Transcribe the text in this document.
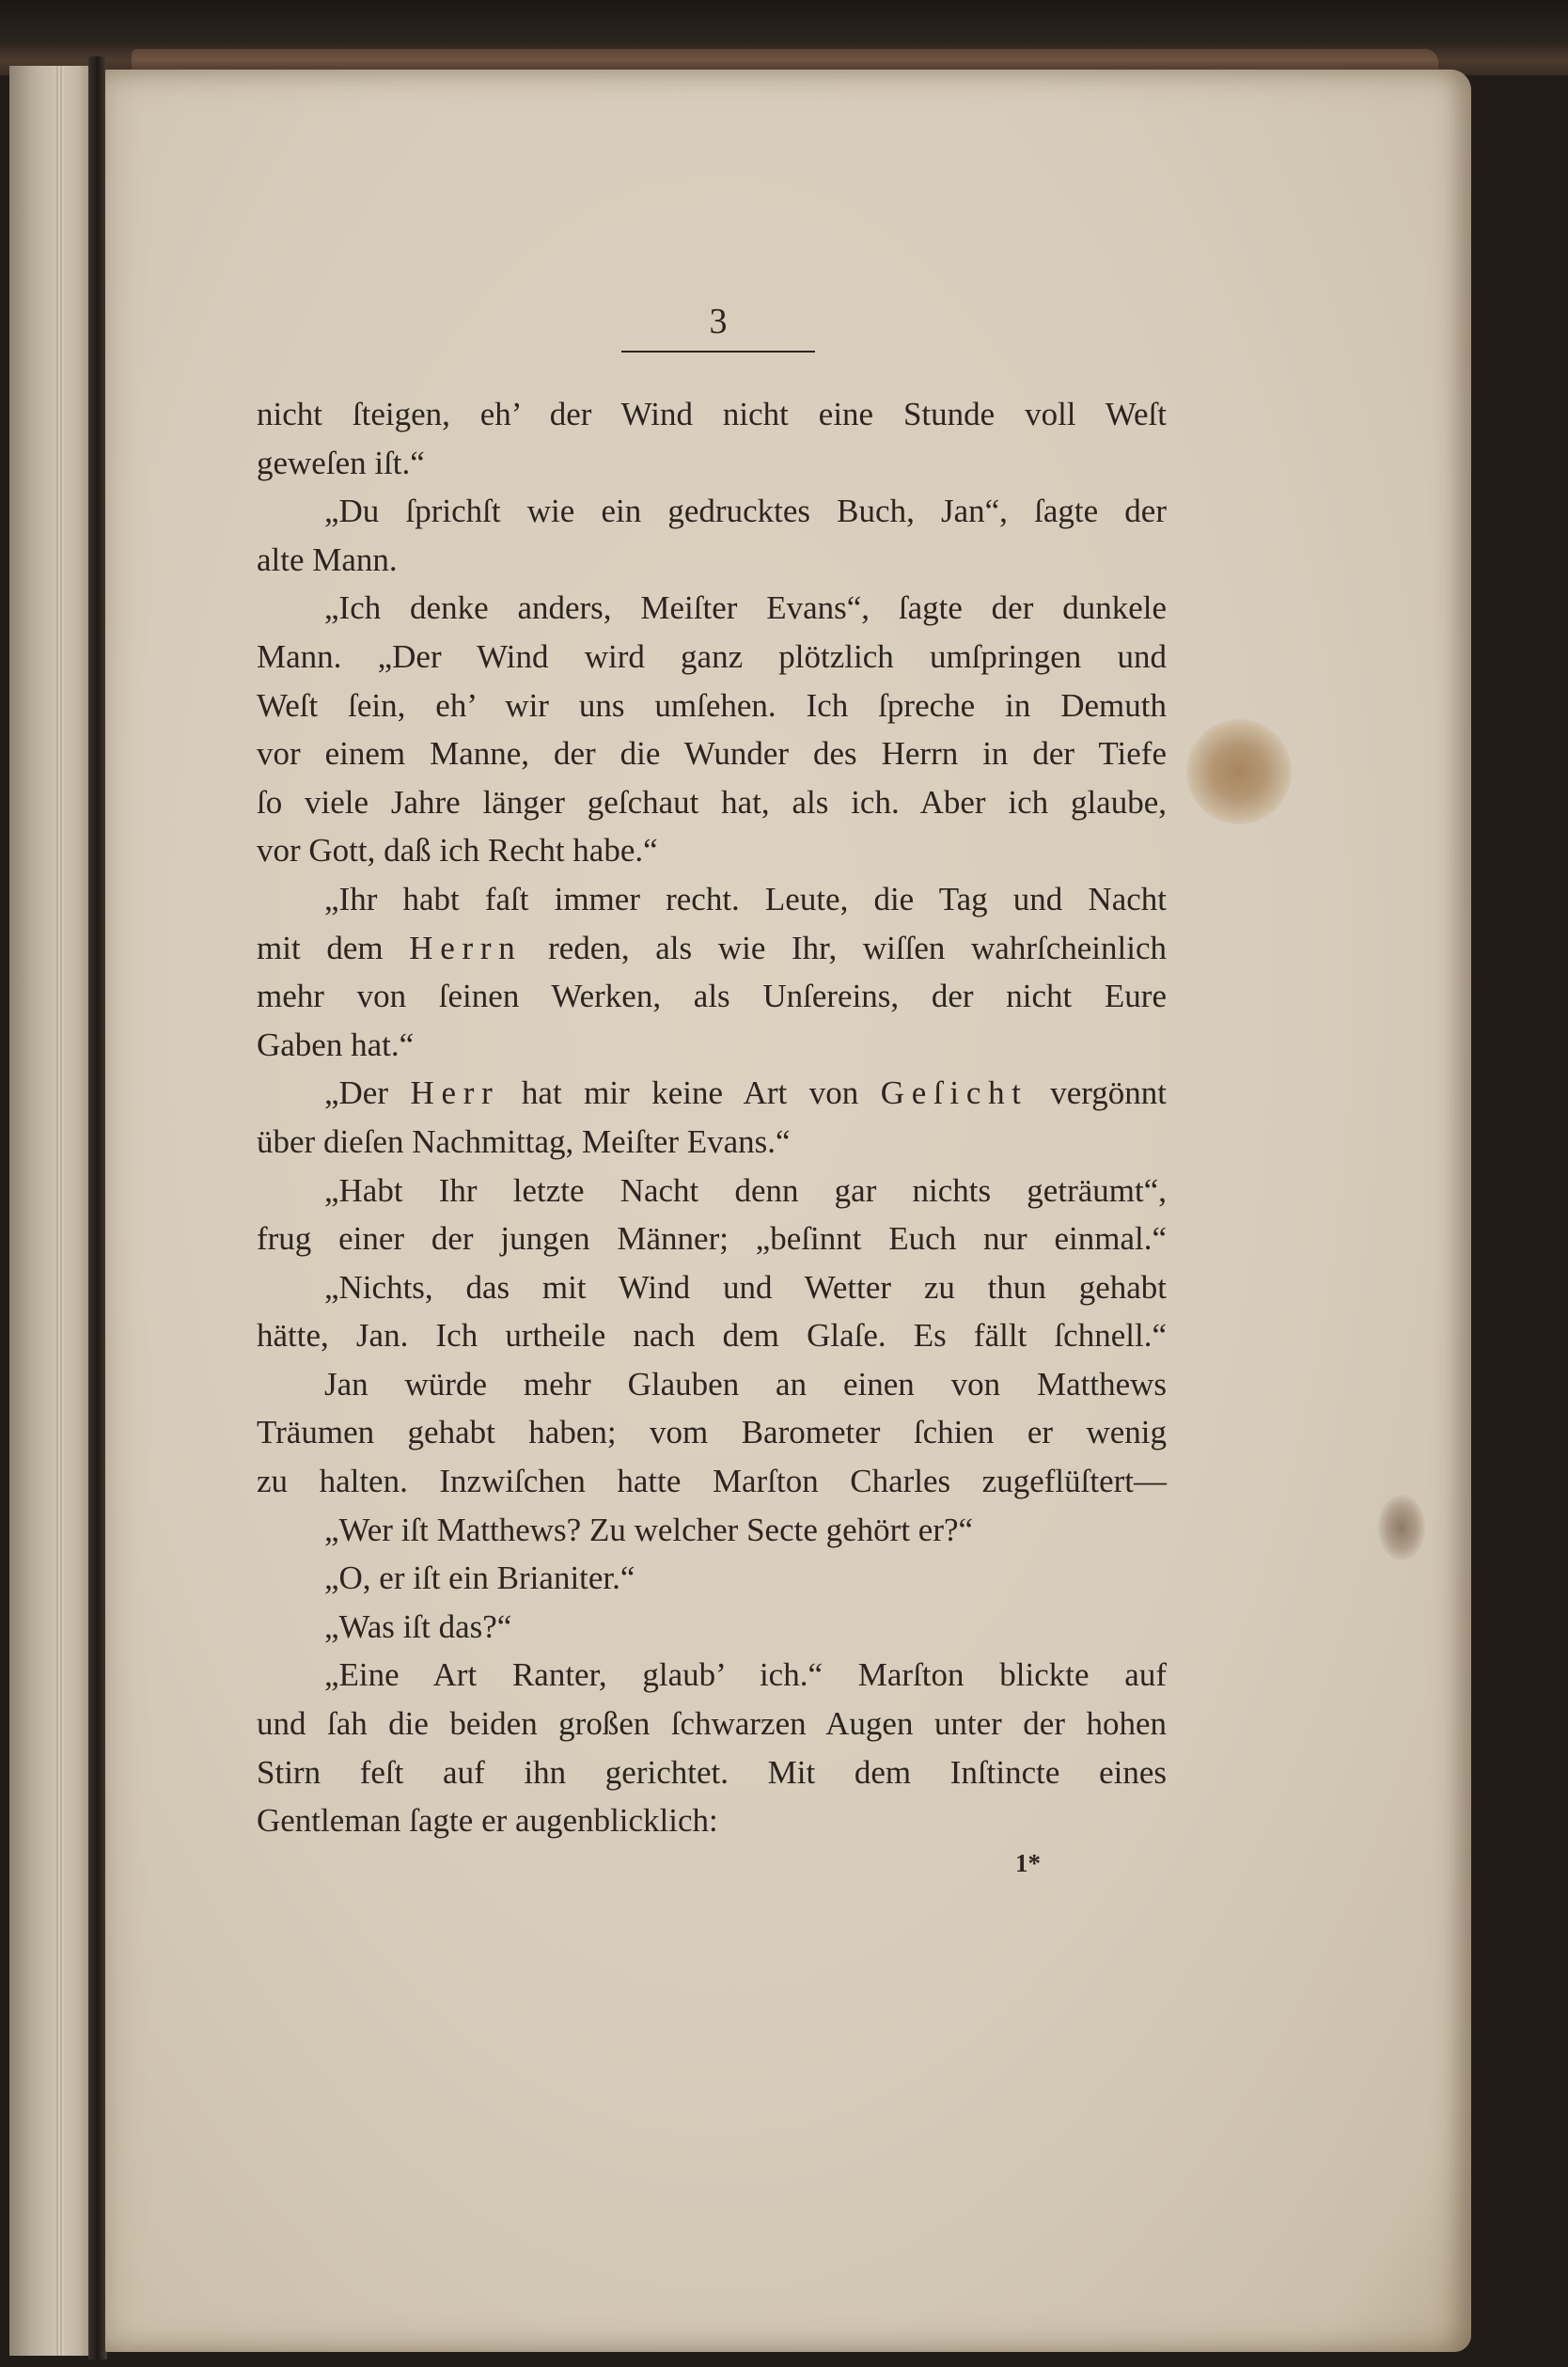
3
nicht ſteigen, eh’ der Wind nicht eine Stunde voll Weſt
geweſen iſt.“
„Du ſprichſt wie ein gedrucktes Buch, Jan“, ſagte der
alte Mann.
„Ich denke anders, Meiſter Evans“, ſagte der dunkele
Mann. „Der Wind wird ganz plötzlich umſpringen und
Weſt ſein, eh’ wir uns umſehen. Ich ſpreche in Demuth
vor einem Manne, der die Wunder des Herrn in der Tiefe
ſo viele Jahre länger geſchaut hat, als ich. Aber ich glaube,
vor Gott, daß ich Recht habe.“
„Ihr habt faſt immer recht. Leute, die Tag und Nacht
mit dem Herrn reden, als wie Ihr, wiſſen wahrſcheinlich
mehr von ſeinen Werken, als Unſereins, der nicht Eure
Gaben hat.“
„Der Herr hat mir keine Art von Geſicht vergönnt
über dieſen Nachmittag, Meiſter Evans.“
„Habt Ihr letzte Nacht denn gar nichts geträumt“,
frug einer der jungen Männer; „beſinnt Euch nur einmal.“
„Nichts, das mit Wind und Wetter zu thun gehabt
hätte, Jan. Ich urtheile nach dem Glaſe. Es fällt ſchnell.“
Jan würde mehr Glauben an einen von Matthews
Träumen gehabt haben; vom Barometer ſchien er wenig
zu halten. Inzwiſchen hatte Marſton Charles zugeflüſtert—
„Wer iſt Matthews? Zu welcher Secte gehört er?“
„O, er iſt ein Brianiter.“
„Was iſt das?“
„Eine Art Ranter, glaub’ ich.“ Marſton blickte auf
und ſah die beiden großen ſchwarzen Augen unter der hohen
Stirn feſt auf ihn gerichtet. Mit dem Inſtincte eines
Gentleman ſagte er augenblicklich:
1*
